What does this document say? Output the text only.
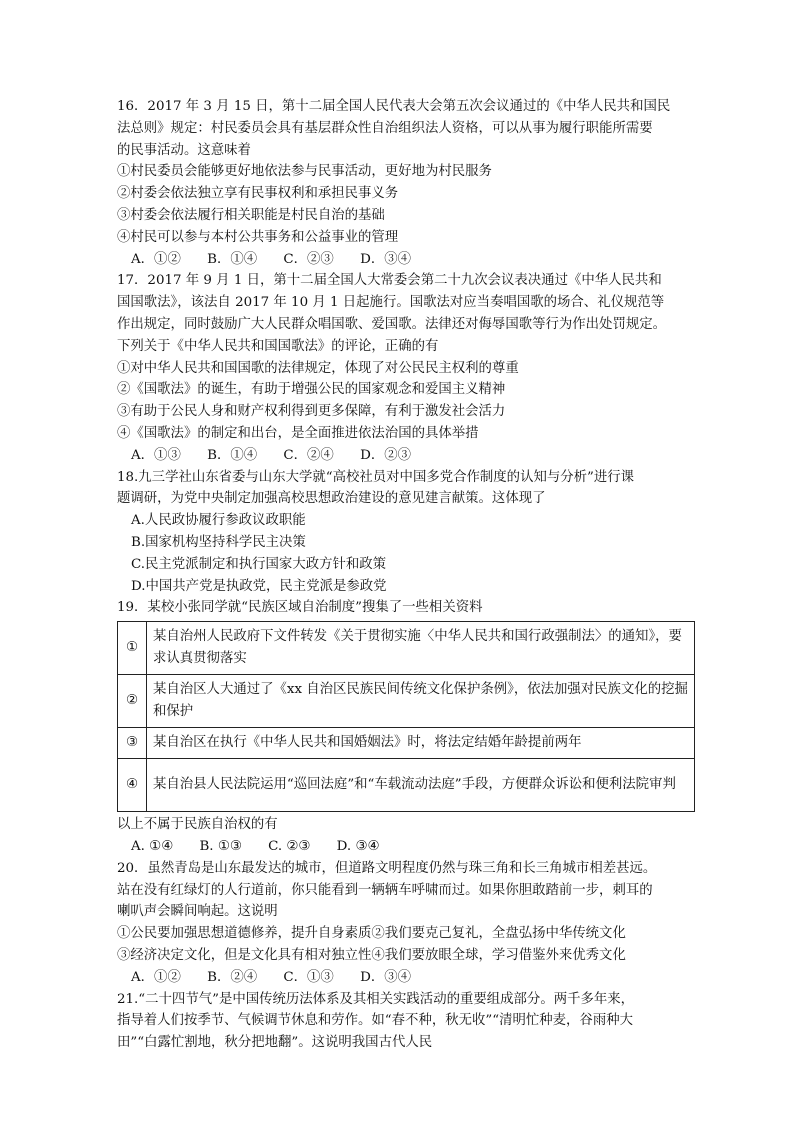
16．2017 年 3 月 15 日，第十二届全国人民代表大会第五次会议通过的《中华人民共和国民
法总则》规定：村民委员会具有基层群众性自治组织法人资格，可以从事为履行职能所需要
的民事活动。这意味着
①村民委员会能够更好地依法参与民事活动，更好地为村民服务
②村委会依法独立享有民事权利和承担民事义务
③村委会依法履行相关职能是村民自治的基础
④村民可以参与本村公共事务和公益事业的管理
A．①② B．①④ C．②③ D．③④
17．2017 年 9 月 1 日，第十二届全国人大常委会第二十九次会议表决通过《中华人民共和
国国歌法》，该法自 2017 年 10 月 1 日起施行。国歌法对应当奏唱国歌的场合、礼仪规范等
作出规定，同时鼓励广大人民群众唱国歌、爱国歌。法律还对侮辱国歌等行为作出处罚规定。
下列关于《中华人民共和国国歌法》的评论，正确的有
①对中华人民共和国国歌的法律规定，体现了对公民民主权利的尊重
②《国歌法》的诞生，有助于增强公民的国家观念和爱国主义精神
③有助于公民人身和财产权利得到更多保障，有利于激发社会活力
④《国歌法》的制定和出台，是全面推进依法治国的具体举措
A．①③ B．①④ C．②④ D．②③
18.九三学社山东省委与山东大学就“高校社员对中国多党合作制度的认知与分析”进行课
题调研，为党中央制定加强高校思想政治建设的意见建言献策。这体现了
A.人民政协履行参政议政职能
B.国家机构坚持科学民主决策
C.民主党派制定和执行国家大政方针和政策
D.中国共产党是执政党，民主党派是参政党
19．某校小张同学就“民族区域自治制度”搜集了一些相关资料
①	某自治州人民政府下文件转发《关于贯彻实施〈中华人民共和国行政强制法〉的通知》，要求认真贯彻落实
②	某自治区人大通过了《xx 自治区民族民间传统文化保护条例》，依法加强对民族文化的挖掘和保护
③	某自治区在执行《中华人民共和国婚姻法》时，将法定结婚年龄提前两年
④	某自治县人民法院运用“巡回法庭”和“车载流动法庭”手段，方便群众诉讼和便利法院审判
以上不属于民族自治权的有
A. ①④ B. ①③ C. ②③ D. ③④
20．虽然青岛是山东最发达的城市，但道路文明程度仍然与珠三角和长三角城市相差甚远。
站在没有红绿灯的人行道前，你只能看到一辆辆车呼啸而过。如果你胆敢踏前一步，刺耳的
喇叭声会瞬间响起。这说明
①公民要加强思想道德修养，提升自身素质②我们要克己复礼，全盘弘扬中华传统文化
③经济决定文化，但是文化具有相对独立性④我们要放眼全球，学习借鉴外来优秀文化
A．①② B．②④ C．①③ D．③④
21.“二十四节气”是中国传统历法体系及其相关实践活动的重要组成部分。两千多年来，
指导着人们按季节、气候调节休息和劳作。如“春不种，秋无收”“清明忙种麦，谷雨种大
田”“白露忙割地，秋分把地翻”。这说明我国古代人民
